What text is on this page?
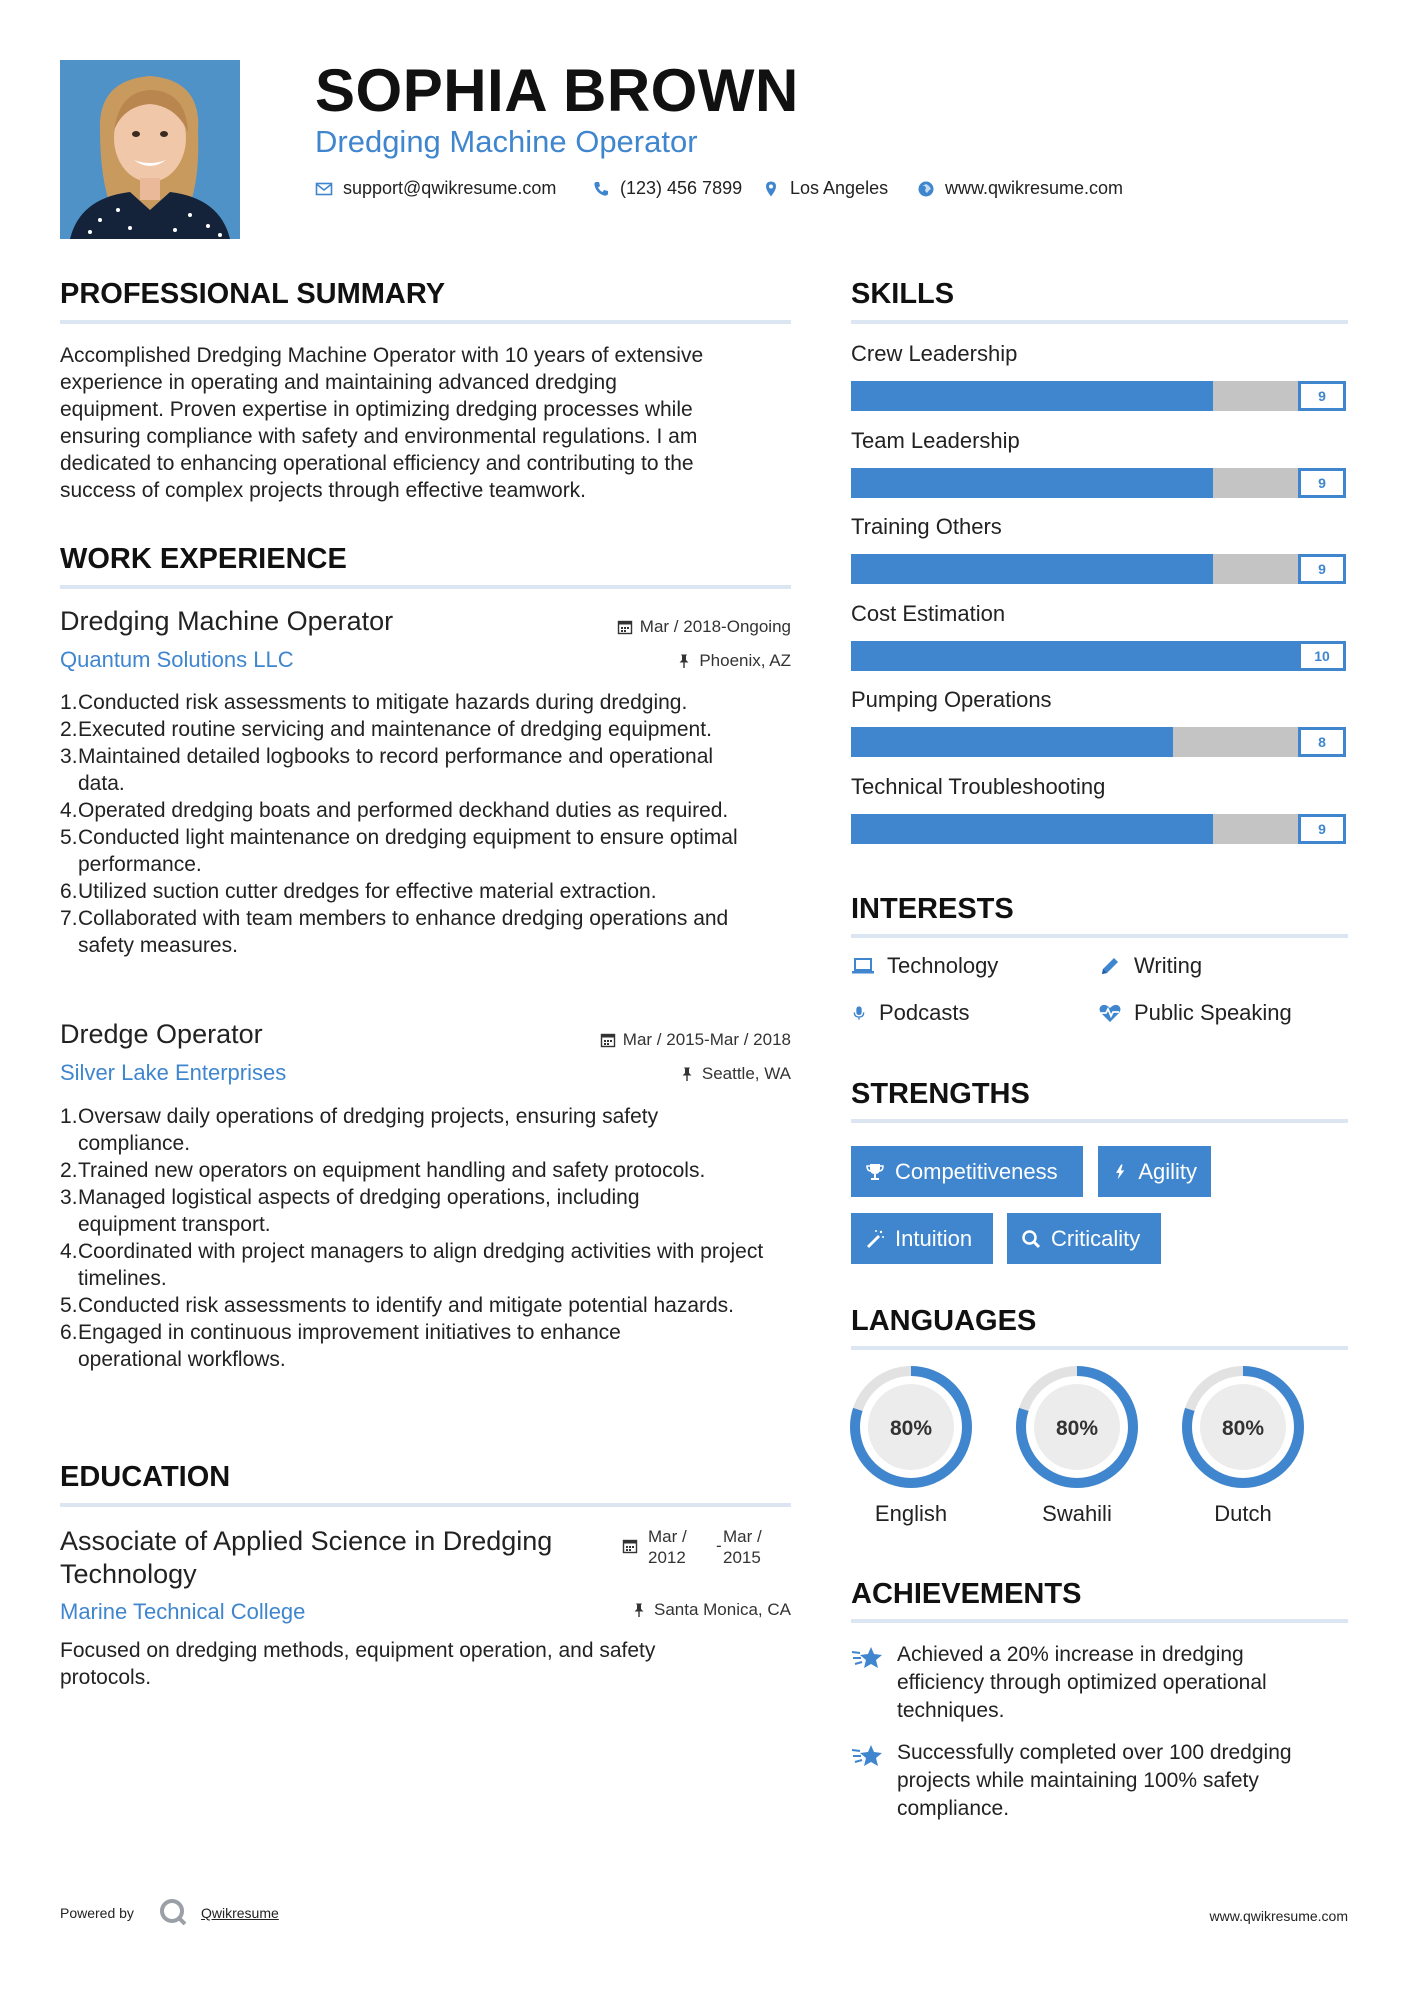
SOPHIA BROWN
Dredging Machine Operator
support@qwikresume.com	(123) 456 7899	Los Angeles	www.qwikresume.com
PROFESSIONAL SUMMARY
Accomplished Dredging Machine Operator with 10 years of extensive
experience in operating and maintaining advanced dredging
equipment. Proven expertise in optimizing dredging processes while
ensuring compliance with safety and environmental regulations. I am
dedicated to enhancing operational efficiency and contributing to the
success of complex projects through effective teamwork.
WORK EXPERIENCE
Dredging Machine Operator	Mar / 2018-Ongoing
Quantum Solutions LLC	Phoenix, AZ
Conducted risk assessments to mitigate hazards during dredging.
Executed routine servicing and maintenance of dredging equipment.
Maintained detailed logbooks to record performance and operational data.
Operated dredging boats and performed deckhand duties as required.
Conducted light maintenance on dredging equipment to ensure optimal performance.
Utilized suction cutter dredges for effective material extraction.
Collaborated with team members to enhance dredging operations and safety measures.
Dredge Operator	Mar / 2015-Mar / 2018
Silver Lake Enterprises	Seattle, WA
Oversaw daily operations of dredging projects, ensuring safety compliance.
Trained new operators on equipment handling and safety protocols.
Managed logistical aspects of dredging operations, including equipment transport.
Coordinated with project managers to align dredging activities with project timelines.
Conducted risk assessments to identify and mitigate potential hazards.
Engaged in continuous improvement initiatives to enhance operational workflows.
EDUCATION
Associate of Applied Science in Dredging
Technology
Mar /
2012
- Mar /
2015
Marine Technical College	Santa Monica, CA
Focused on dredging methods, equipment operation, and safety
protocols.
SKILLS
Crew Leadership
9
Team Leadership
9
Training Others
9
Cost Estimation
10
Pumping Operations
8
Technical Troubleshooting
9
INTERESTS
Technology	Writing
Podcasts	Public Speaking
STRENGTHS
Competitiveness	Agility
Intuition	Criticality
LANGUAGES
80%
English
80%
Swahili
80%
Dutch
ACHIEVEMENTS
Achieved a 20% increase in dredging
efficiency through optimized operational
techniques.
Successfully completed over 100 dredging
projects while maintaining 100% safety
compliance.
Powered by	Qwikresume	www.qwikresume.com
